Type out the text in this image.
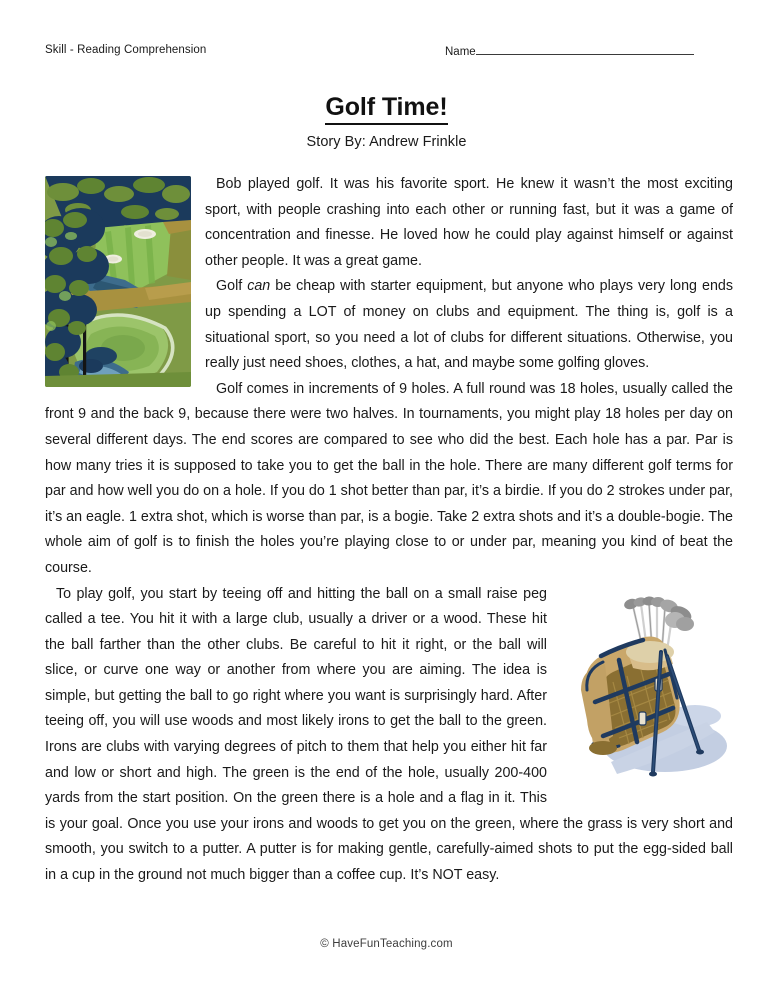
Skill - Reading Comprehension	Name
Golf Time!
Story By: Andrew Frinkle

Bob played golf. It was his favorite sport. He knew it wasn’t the most exciting sport, with people crashing into each other or running fast, but it was a game of concentration and finesse. He loved how he could play against himself or against other people. It was a great game.

Golf can be cheap with starter equipment, but anyone who plays very long ends up spending a LOT of money on clubs and equipment. The thing is, golf is a situational sport, so you need a lot of clubs for different situations. Otherwise, you really just need shoes, clothes, a hat, and maybe some golfing gloves.

Golf comes in increments of 9 holes. A full round was 18 holes, usually called the front 9 and the back 9, because there were two halves. In tournaments, you might play 18 holes per day on several different days. The end scores are compared to see who did the best. Each hole has a par. Par is how many tries it is supposed to take you to get the ball in the hole. There are many different golf terms for par and how well you do on a hole. If you do 1 shot better than par, it’s a birdie. If you do 2 strokes under par, it’s an eagle. 1 extra shot, which is worse than par, is a bogie. Take 2 extra shots and it’s a double-bogie. The whole aim of golf is to finish the holes you’re playing close to or under par, meaning you kind of beat the course.

To play golf, you start by teeing off and hitting the ball on a small raise peg called a tee. You hit it with a large club, usually a driver or a wood. These hit the ball farther than the other clubs. Be careful to hit it right, or the ball will slice, or curve one way or another from where you are aiming. The idea is simple, but getting the ball to go right where you want is surprisingly hard. After teeing off, you will use woods and most likely irons to get the ball to the green. Irons are clubs with varying degrees of pitch to them that help you either hit far and low or short and high. The green is the end of the hole, usually 200-400 yards from the start position. On the green there is a hole and a flag in it. This is your goal. Once you use your irons and woods to get you on the green, where the grass is very short and smooth, you switch to a putter. A putter is for making gentle, carefully-aimed shots to put the egg-sided ball in a cup in the ground not much bigger than a coffee cup. It’s NOT easy.

© HaveFunTeaching.com
